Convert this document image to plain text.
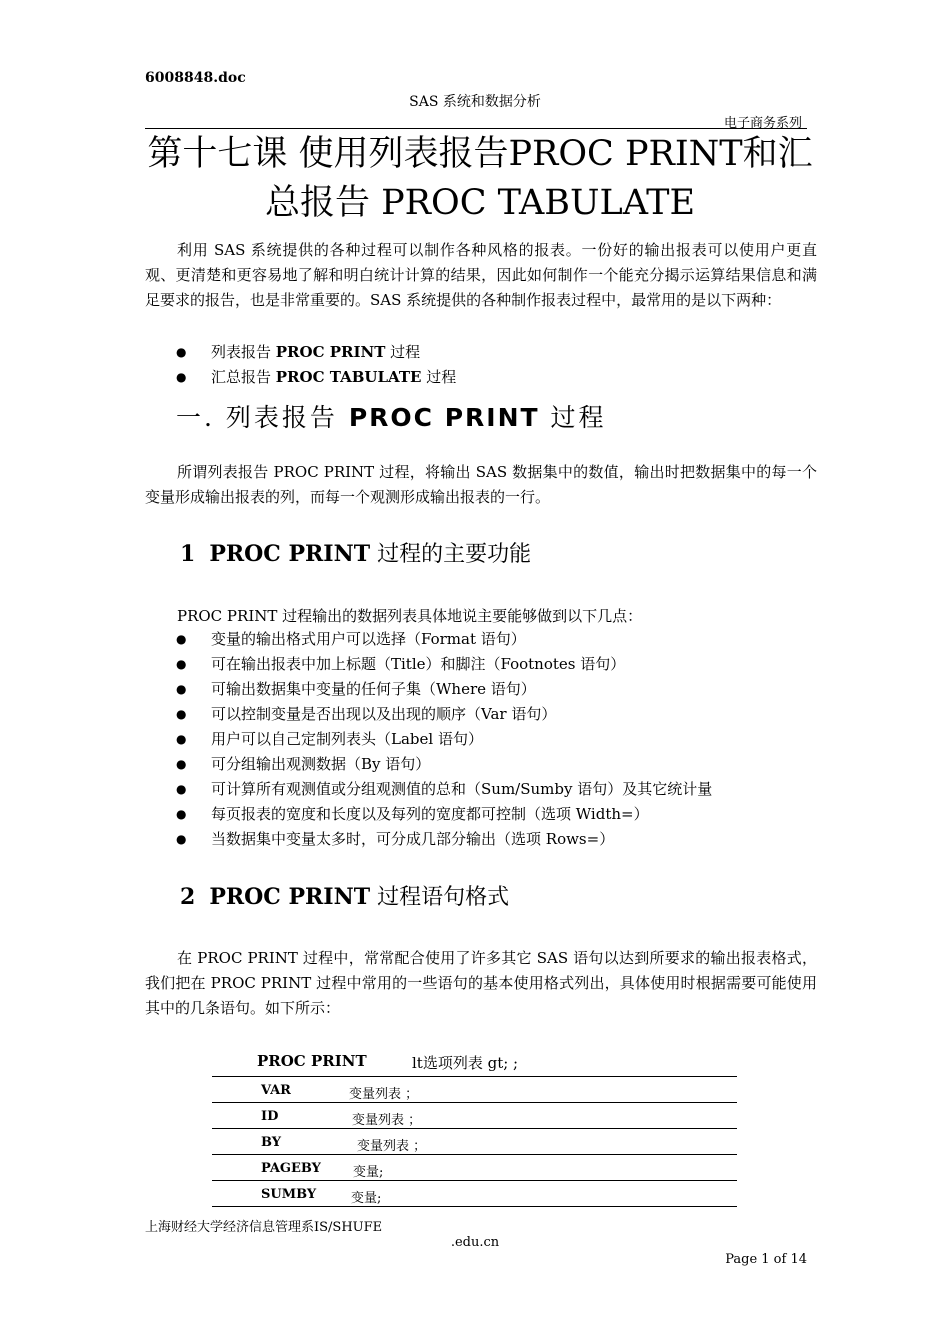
6008848.doc
SAS 系统和数据分析
电子商务系列
第十七课 使用列表报告PROC PRINT和汇
总报告 PROC TABULATE
利用 SAS 系统提供的各种过程可以制作各种风格的报表。一份好的输出报表可以使用户更直观、更清楚和更容易地了解和明白统计计算的结果，因此如何制作一个能充分揭示运算结果信息和满足要求的报告，也是非常重要的。SAS 系统提供的各种制作报表过程中，最常用的是以下两种：
● 列表报告 PROC PRINT 过程
● 汇总报告 PROC TABULATE 过程
一. 列表报告 PROC PRINT 过程
所谓列表报告 PROC PRINT 过程，将输出 SAS 数据集中的数值，输出时把数据集中的每一个变量形成输出报表的列，而每一个观测形成输出报表的一行。
1 PROC PRINT 过程的主要功能
PROC PRINT 过程输出的数据列表具体地说主要能够做到以下几点：
● 变量的输出格式用户可以选择（Format 语句）
● 可在输出报表中加上标题（Title）和脚注（Footnotes 语句）
● 可输出数据集中变量的任何子集（Where 语句）
● 可以控制变量是否出现以及出现的顺序（Var 语句）
● 用户可以自己定制列表头（Label 语句）
● 可分组输出观测数据（By 语句）
● 可计算所有观测值或分组观测值的总和（Sum/Sumby 语句）及其它统计量
● 每页报表的宽度和长度以及每列的宽度都可控制（选项 Width=）
● 当数据集中变量太多时，可分成几部分输出（选项 Rows=）
2 PROC PRINT 过程语句格式
在 PROC PRINT 过程中，常常配合使用了许多其它 SAS 语句以达到所要求的输出报表格式，我们把在 PROC PRINT 过程中常用的一些语句的基本使用格式列出，具体使用时根据需要可能使用其中的几条语句。如下所示：
PROC PRINT	lt选项列表 gt; ;
VAR	变量列表 ；
ID	变量列表 ；
BY	变量列表 ；
PAGEBY 变量;
SUMBY	变量;
上海财经大学经济信息管理系IS/SHUFE
.edu.cn
Page 1 of 14
